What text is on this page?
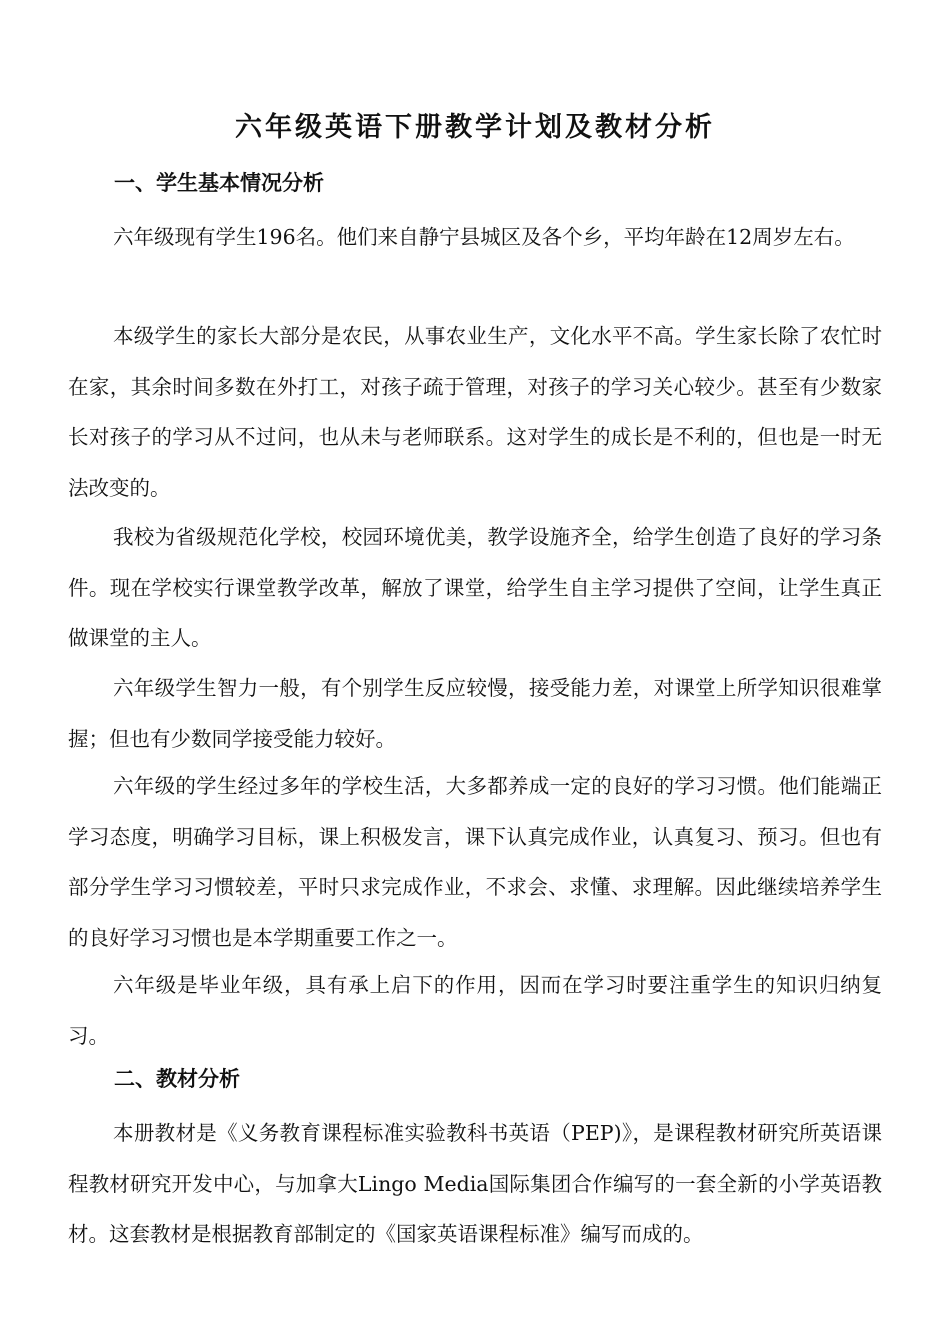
六年级英语下册教学计划及教材分析
一、学生基本情况分析

六年级现有学生196名。他们来自静宁县城区及各个乡，平均年龄在12周岁左右。

本级学生的家长大部分是农民，从事农业生产，文化水平不高。学生家长除了农忙时在家，其余时间多数在外打工，对孩子疏于管理，对孩子的学习关心较少。甚至有少数家长对孩子的学习从不过问，也从未与老师联系。这对学生的成长是不利的，但也是一时无法改变的。

我校为省级规范化学校，校园环境优美，教学设施齐全，给学生创造了良好的学习条件。现在学校实行课堂教学改革，解放了课堂，给学生自主学习提供了空间，让学生真正做课堂的主人。

六年级学生智力一般，有个别学生反应较慢，接受能力差，对课堂上所学知识很难掌握；但也有少数同学接受能力较好。

六年级的学生经过多年的学校生活，大多都养成一定的良好的学习习惯。他们能端正学习态度，明确学习目标，课上积极发言，课下认真完成作业，认真复习、预习。但也有部分学生学习习惯较差，平时只求完成作业，不求会、求懂、求理解。因此继续培养学生的良好学习习惯也是本学期重要工作之一。

六年级是毕业年级，具有承上启下的作用，因而在学习时要注重学生的知识归纳复习。

二、教材分析

本册教材是《义务教育课程标准实验教科书英语（PEP)》，是课程教材研究所英语课程教材研究开发中心，与加拿大Lingo Media国际集团合作编写的一套全新的小学英语教材。这套教材是根据教育部制定的《国家英语课程标准》编写而成的。
